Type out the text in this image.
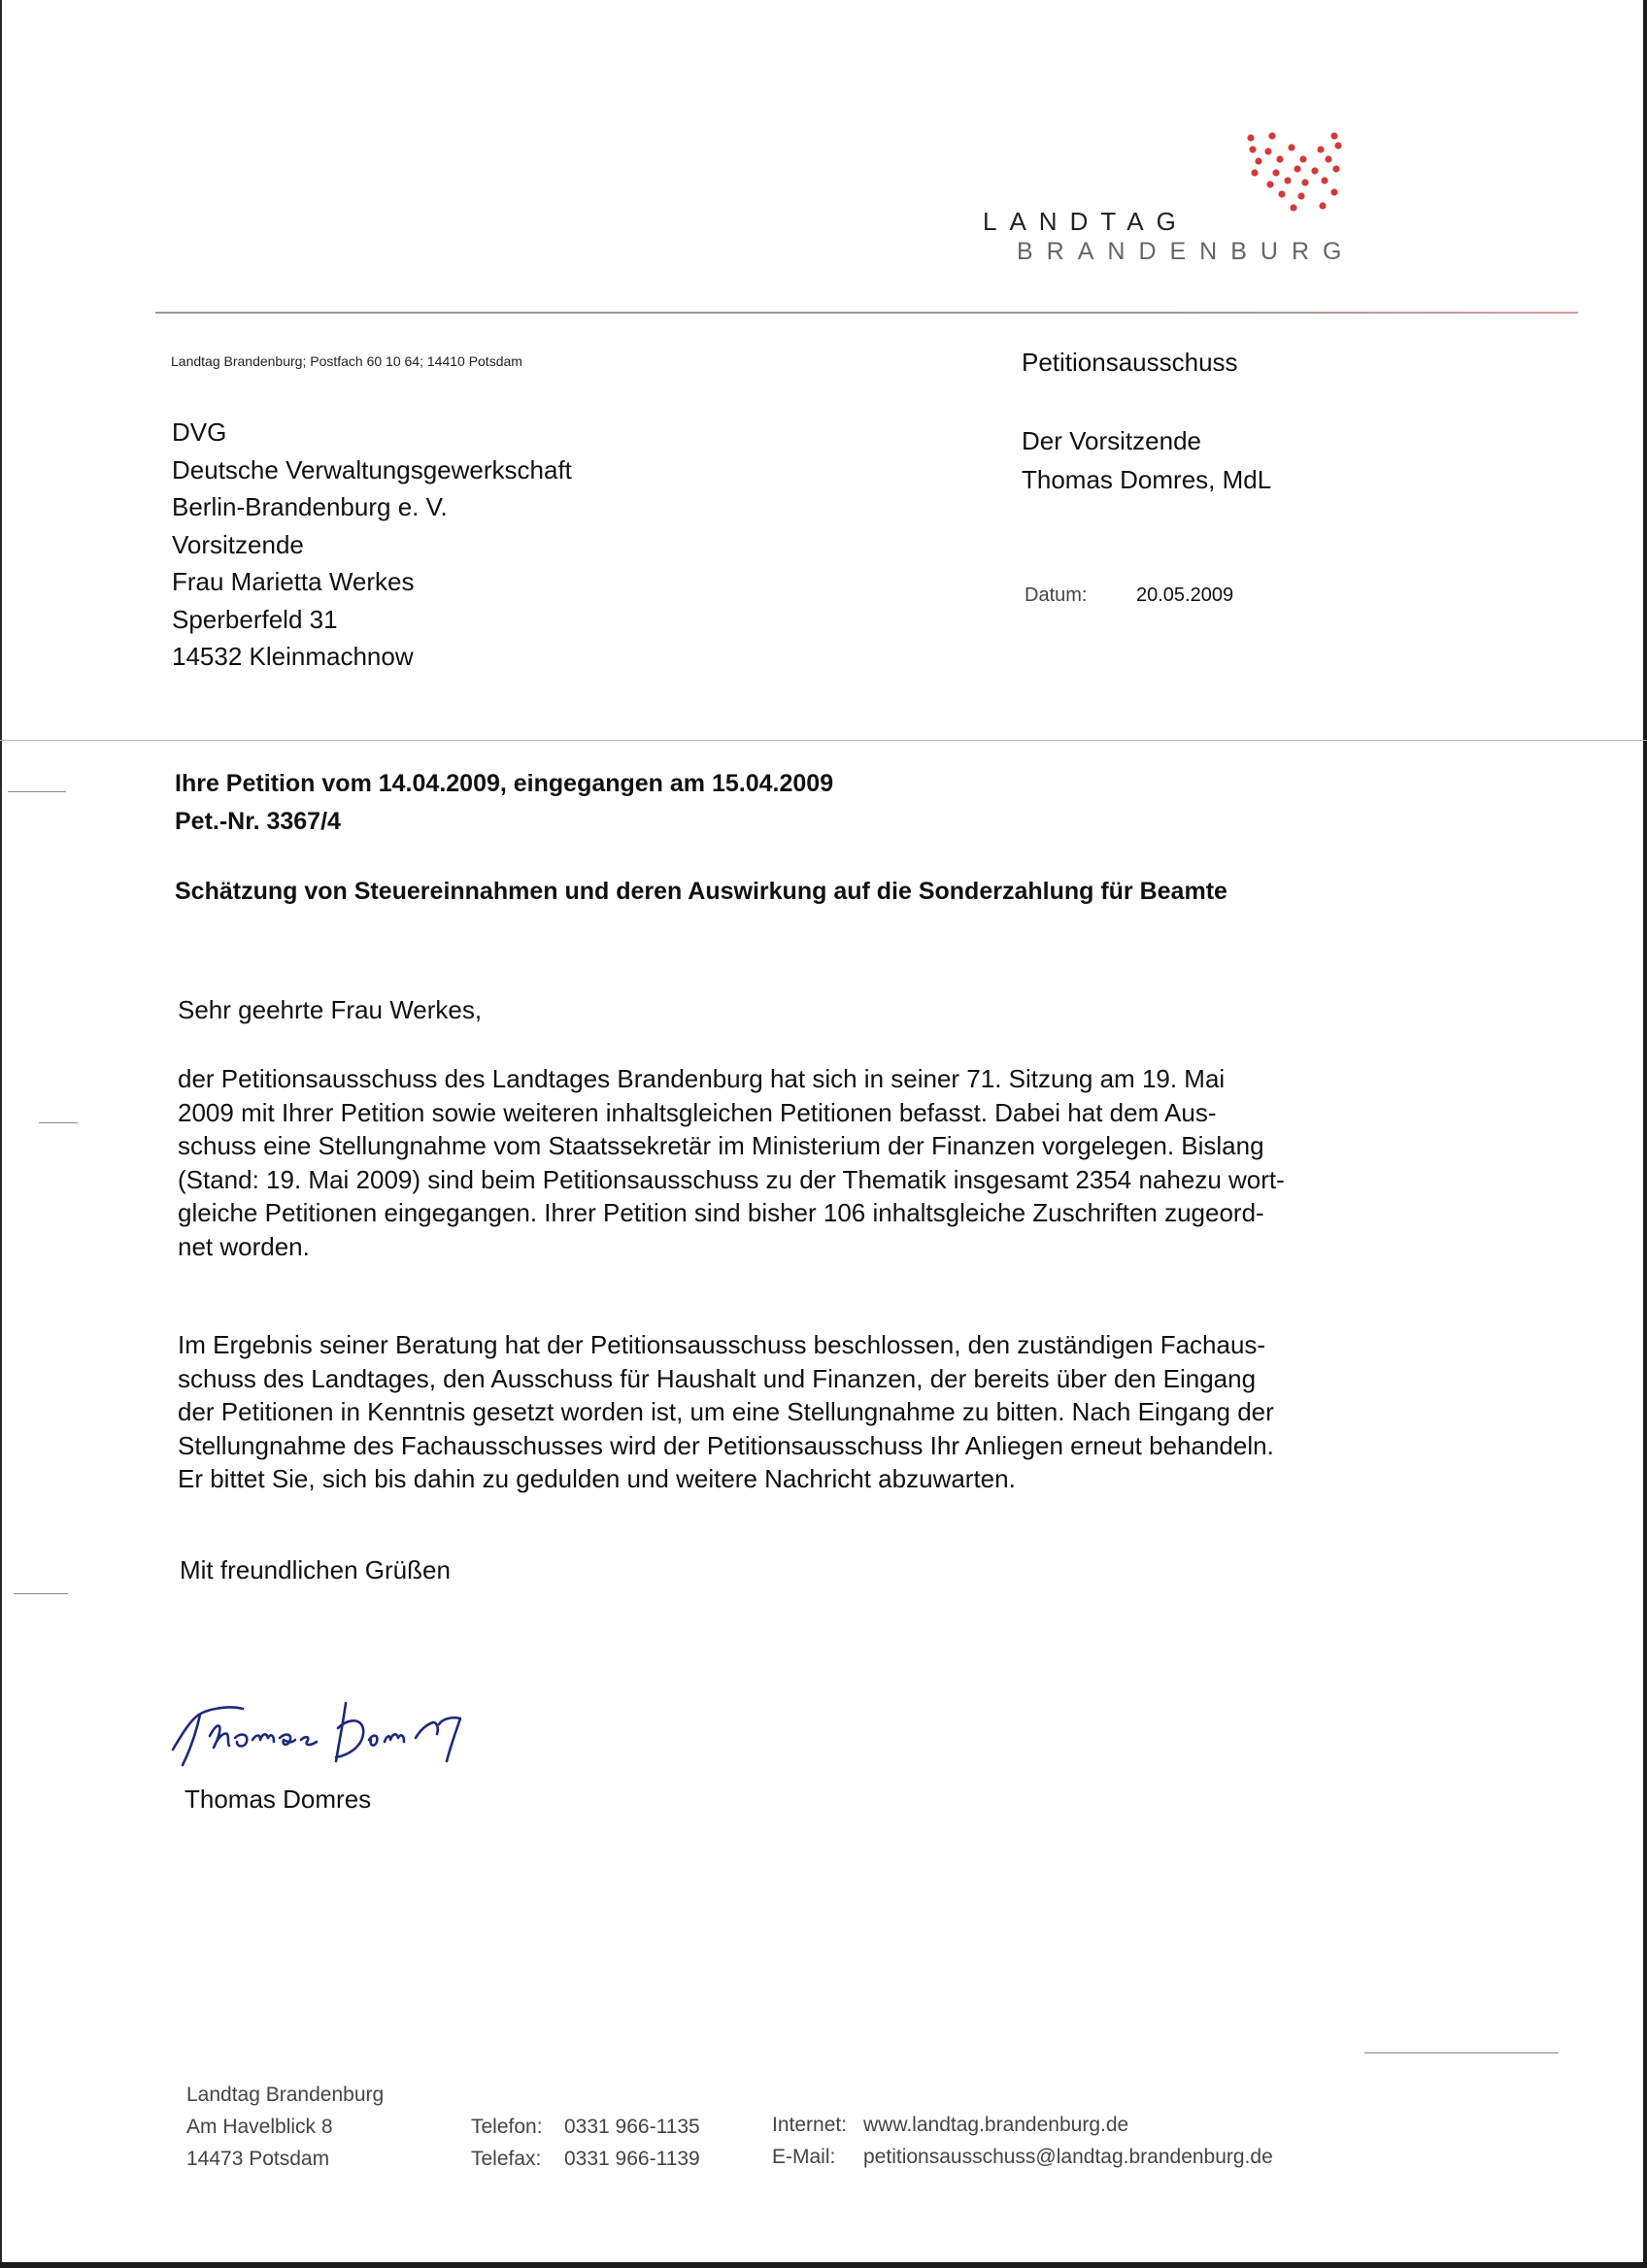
LANDTAG
BRANDENBURG
Landtag Brandenburg; Postfach 60 10 64; 14410 Potsdam
DVG
Deutsche Verwaltungsgewerkschaft
Berlin-Brandenburg e. V.
Vorsitzende
Frau Marietta Werkes
Sperberfeld 31
14532 Kleinmachnow
Petitionsausschuss
Der Vorsitzende
Thomas Domres, MdL
Datum:	20.05.2009
Ihre Petition vom 14.04.2009, eingegangen am 15.04.2009
Pet.-Nr. 3367/4
Schätzung von Steuereinnahmen und deren Auswirkung auf die Sonderzahlung für Beamte
Sehr geehrte Frau Werkes,
der Petitionsausschuss des Landtages Brandenburg hat sich in seiner 71. Sitzung am 19. Mai
2009 mit Ihrer Petition sowie weiteren inhaltsgleichen Petitionen befasst. Dabei hat dem Aus-
schuss eine Stellungnahme vom Staatssekretär im Ministerium der Finanzen vorgelegen. Bislang
(Stand: 19. Mai 2009) sind beim Petitionsausschuss zu der Thematik insgesamt 2354 nahezu wort-
gleiche Petitionen eingegangen. Ihrer Petition sind bisher 106 inhaltsgleiche Zuschriften zugeord-
net worden.
Im Ergebnis seiner Beratung hat der Petitionsausschuss beschlossen, den zuständigen Fachaus-
schuss des Landtages, den Ausschuss für Haushalt und Finanzen, der bereits über den Eingang
der Petitionen in Kenntnis gesetzt worden ist, um eine Stellungnahme zu bitten. Nach Eingang der
Stellungnahme des Fachausschusses wird der Petitionsausschuss Ihr Anliegen erneut behandeln.
Er bittet Sie, sich bis dahin zu gedulden und weitere Nachricht abzuwarten.
Mit freundlichen Grüßen
Thomas Domres
Landtag Brandenburg
Am Havelblick 8
14473 Potsdam
Telefon: 0331 966-1135
Telefax: 0331 966-1139
Internet: www.landtag.brandenburg.de
E-Mail: petitionsausschuss@landtag.brandenburg.de
